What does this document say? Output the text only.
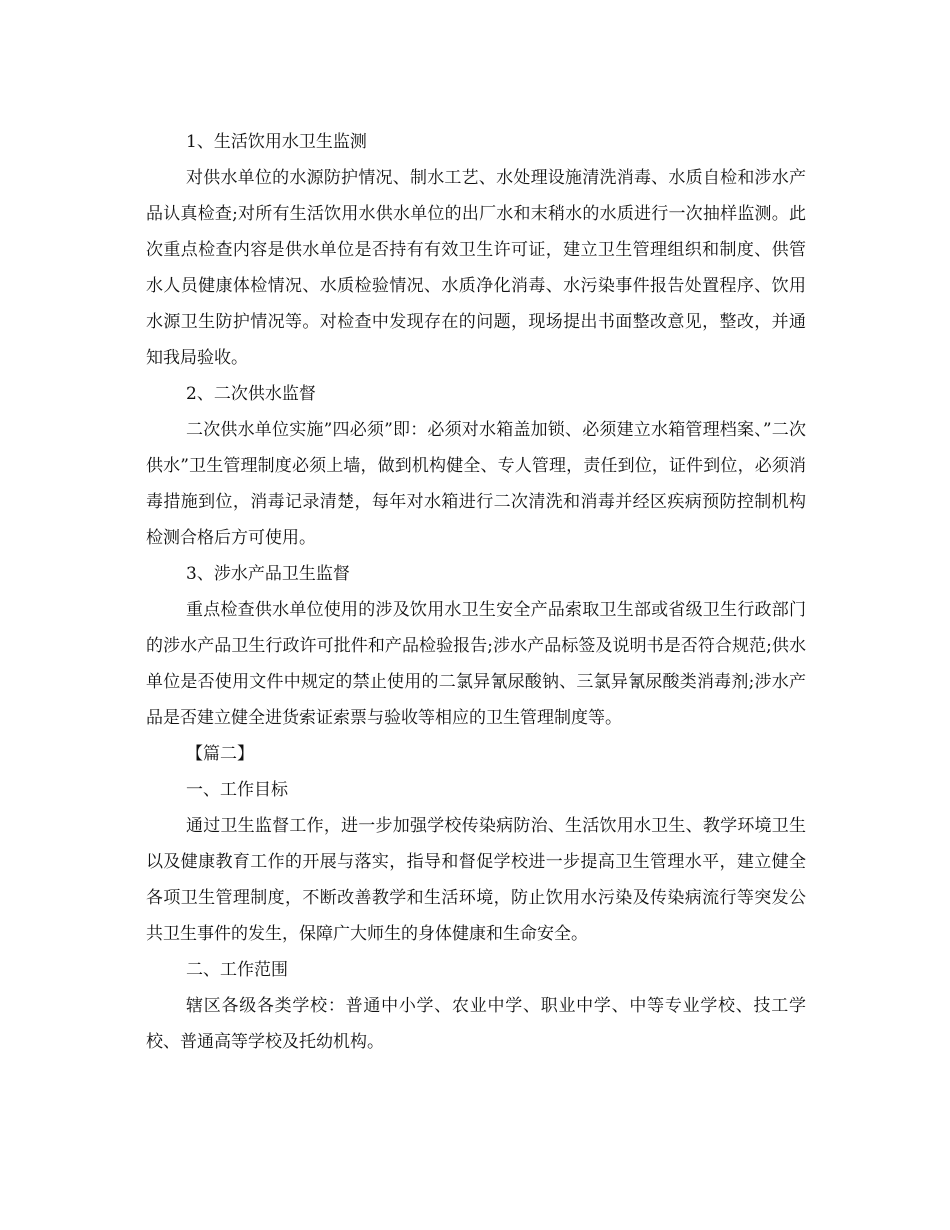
1、生活饮用水卫生监测

对供水单位的水源防护情况、制水工艺、水处理设施清洗消毒、水质自检和涉水产品认真检查;对所有生活饮用水供水单位的出厂水和末稍水的水质进行一次抽样监测。此次重点检查内容是供水单位是否持有有效卫生许可证，建立卫生管理组织和制度、供管水人员健康体检情况、水质检验情况、水质净化消毒、水污染事件报告处置程序、饮用水源卫生防护情况等。对检查中发现存在的问题，现场提出书面整改意见，整改，并通知我局验收。

2、二次供水监督

二次供水单位实施”四必须”即：必须对水箱盖加锁、必须建立水箱管理档案、”二次供水”卫生管理制度必须上墙，做到机构健全、专人管理，责任到位，证件到位，必须消毒措施到位，消毒记录清楚，每年对水箱进行二次清洗和消毒并经区疾病预防控制机构检测合格后方可使用。

3、涉水产品卫生监督

重点检查供水单位使用的涉及饮用水卫生安全产品索取卫生部或省级卫生行政部门的涉水产品卫生行政许可批件和产品检验报告;涉水产品标签及说明书是否符合规范;供水单位是否使用文件中规定的禁止使用的二氯异氰尿酸钠、三氯异氰尿酸类消毒剂;涉水产品是否建立健全进货索证索票与验收等相应的卫生管理制度等。

【篇二】

一、工作目标

通过卫生监督工作，进一步加强学校传染病防治、生活饮用水卫生、教学环境卫生以及健康教育工作的开展与落实，指导和督促学校进一步提高卫生管理水平，建立健全各项卫生管理制度，不断改善教学和生活环境，防止饮用水污染及传染病流行等突发公共卫生事件的发生，保障广大师生的身体健康和生命安全。

二、工作范围

辖区各级各类学校：普通中小学、农业中学、职业中学、中等专业学校、技工学校、普通高等学校及托幼机构。
